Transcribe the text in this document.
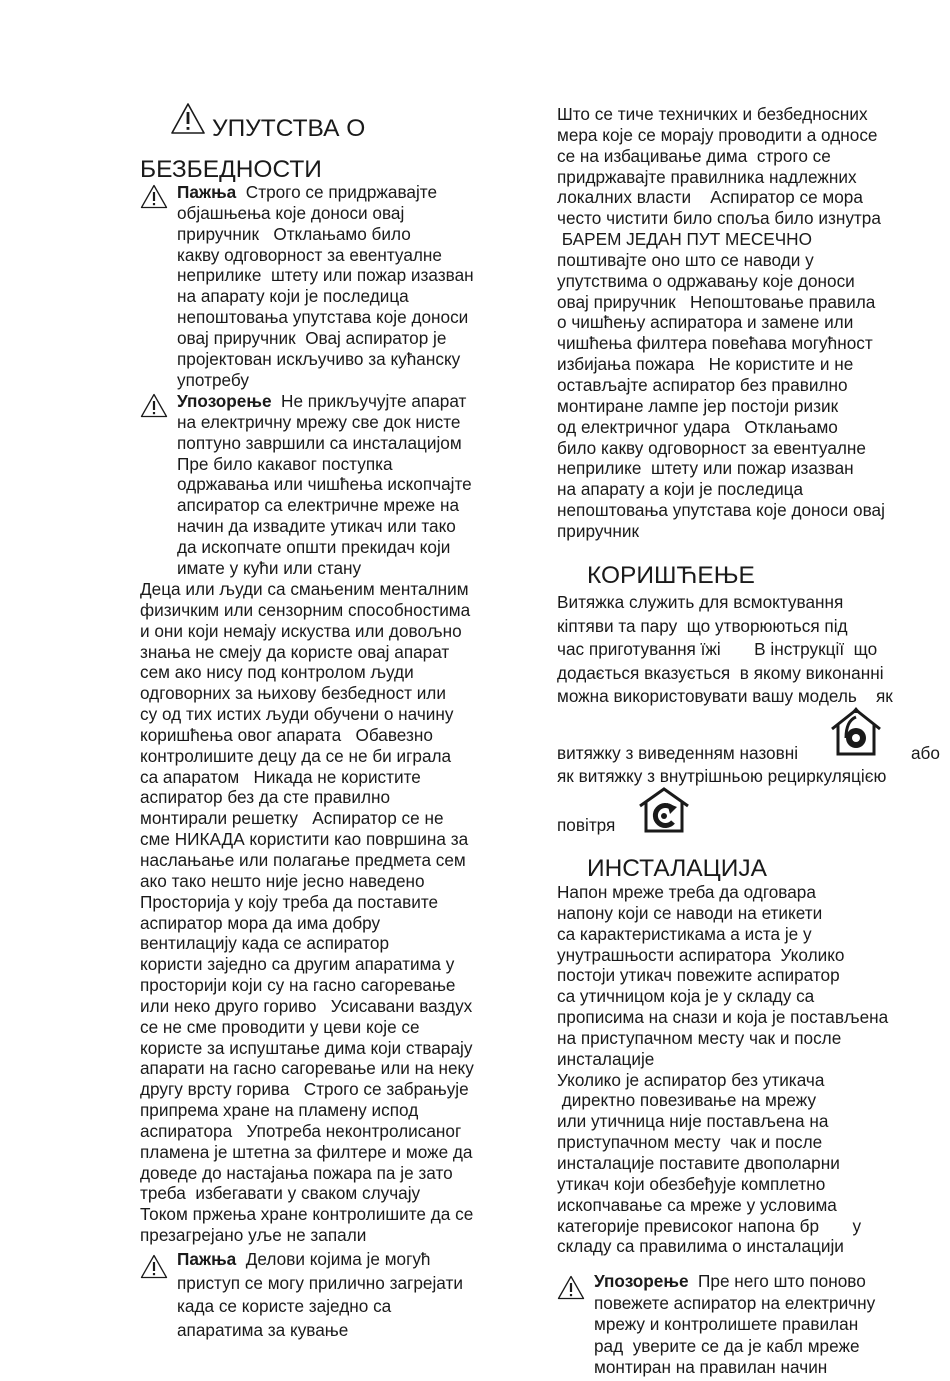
УПУТСТВА О
БЕЗБЕДНОСТИ
Пажња  Строго се придржавајте
објашњења које доноси овај
приручник   Отклањамо било
какву одговорност за евентуалне
неприлике  штету или пожар изазван
на апарату који је последица
непоштовања упутстава које доноси
овај приручник  Овај аспиратор је
пројектован искључиво за кућанску
употребу
Упозорење  Не прикључујте апарат
на електричну мрежу све док нисте
поптуно завршили са инсталацијом
Пре било какавог поступка
одржавања или чишћења ископчајте
апсиратор са електричне мреже на
начин да извадите утикач или тако
да ископчате општи прекидач који
имате у кући или стану
Деца или људи са смањеним менталним
физичким или сензорним способностима
и они који немају искуства или довољно
знања не смеју да користе овај апарат
сем ако нису под контролом људи
одговорних за њихову безбедност или
су од тих истих људи обучени о начину
коришћења овог апарата   Обавезно
контролишите децу да се не би играла
са апаратом   Никада не користите
аспиратор без да сте правилно
монтирали решетку   Аспиратор се не
сме НИКАДА користити као површина за
наслањање или полагање предмета сем
ако тако нешто није јесно наведено
Просторија у коју треба да поставите
аспиратор мора да има добру
вентилацију када се аспиратор
користи заједно са другим апаратима у
просторији који су на гасно сагоревање
или неко друго гориво   Усисавани ваздух
се не сме проводити у цеви које се
користе за испуштање дима који стварају
апарати на гасно сагоревање или на неку
другу врсту горива   Строго се забрањује
припрема хране на пламену испод
аспиратора   Употреба неконтролисаног
пламена је штетна за филтере и може да
доведе до настајања пожара па је зато
треба  избегавати у сваком случају
Током пржења хране контролишите да се
презагрејано уље не запали
Пажња  Делови којима је могућ
приступ се могу прилично загрејати
када се користе заједно са
апаратима за кување
Што се тиче техничких и безбедносних
мера које се морају проводити а односе
се на избацивање дима  строго се
придржавајте правилника надлежних
локалних власти    Аспиратор се мора
често чистити било споља било изнутра
БАРЕМ ЈЕДАН ПУТ МЕСЕЧНО
поштивајте оно што се наводи у
упутствима о одржавању које доноси
овај приручник   Непоштовање правила
о чишћењу аспиратора и замене или
чишћења филтера повећава могућност
избијања пожара   Не користите и не
остављајте аспиратор без правилно
монтиране лампе јер постоји ризик
од електричног удара   Отклањамо
било какву одговорност за евентуалне
неприлике  штету или пожар изазван
на апарату а који је последица
непоштовања упутстава које доноси овај
приручник
КОРИШЋЕЊЕ
Витяжка служить для всмоктування
кіптяви та пару  що утворюються під
час приготування їжі       В інструкції  що
додається вказується  в якому виконанні
можна використовувати вашу модель    як
витяжку з виведенням назовні	або
як витяжку з внутрішньою рециркуляцією
повітря
ИНСТАЛАЦИЈА
Напон мреже треба да одговара
напону који се наводи на етикети
са карактеристикама а иста је у
унутрашњости аспиратора  Уколико
постоји утикач повежите аспиратор
са утичницом која је у складу са
прописима на снази и која је постављена
на приступачном месту чак и после
инсталације
Уколико је аспиратор без утикача
директно повезивање на мрежу
или утичница није постављена на
приступачном месту  чак и после
инсталације поставите двополарни
утикач који обезбеђује комплетно
ископчавање са мреже у условима
категорије превисоког напона бр       у
складу са правилима о инсталацији
Упозорење  Пре него што поново
повежете аспиратор на електричну
мрежу и контролишете правилан
рад  уверите се да је кабл мреже
монтиран на правилан начин
